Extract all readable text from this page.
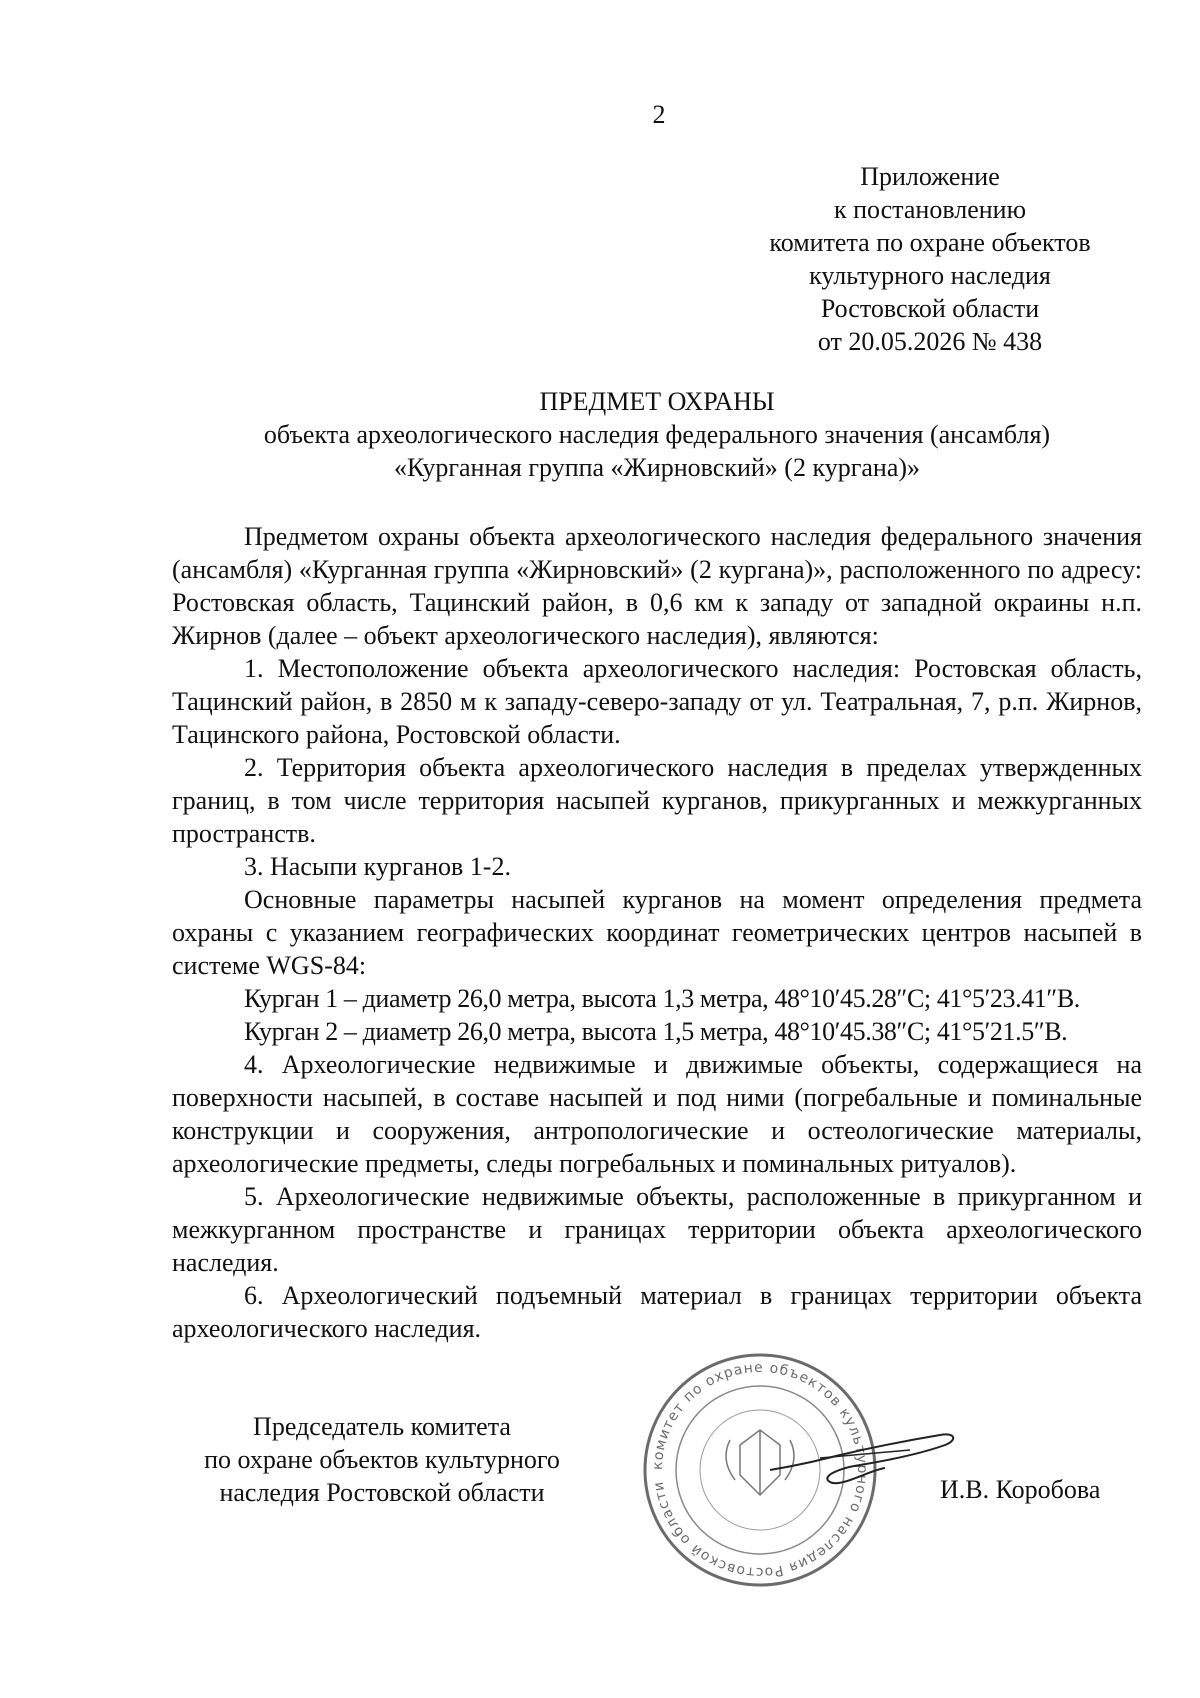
2
Приложение
к постановлению
комитета по охране объектов
культурного наследия
Ростовской области
от 20.05.2026 № 438
ПРЕДМЕТ ОХРАНЫ
объекта археологического наследия федерального значения (ансамбля)
«Курганная группа «Жирновский» (2 кургана)»

Предметом охраны объекта археологического наследия федерального значения (ансамбля) «Курганная группа «Жирновский» (2 кургана)», расположенного по адресу: Ростовская область, Тацинский район, в 0,6 км к западу от западной окраины н.п. Жирнов (далее – объект археологического наследия), являются:

1. Местоположение объекта археологического наследия: Ростовская область, Тацинский район, в 2850 м к западу-северо-западу от ул. Театральная, 7, р.п. Жирнов, Тацинского района, Ростовской области.

2. Территория объекта археологического наследия в пределах утвержденных границ, в том числе территория насыпей курганов, прикурганных и межкурганных пространств.

3. Насыпи курганов 1-2.

Основные параметры насыпей курганов на момент определения предмета охраны с указанием географических координат геометрических центров насыпей в системе WGS-84:

Курган 1 – диаметр 26,0 метра, высота 1,3 метра, 48°10′45.28″С; 41°5′23.41″В.

Курган 2 – диаметр 26,0 метра, высота 1,5 метра, 48°10′45.38″С; 41°5′21.5″В.

4. Археологические недвижимые и движимые объекты, содержащиеся на поверхности насыпей, в составе насыпей и под ними (погребальные и поминальные конструкции и сооружения, антропологические и остеологические материалы, археологические предметы, следы погребальных и поминальных ритуалов).

5. Археологические недвижимые объекты, расположенные в прикурганном и межкурганном пространстве и границах территории объекта археологического наследия.

6. Археологический подъемный материал в границах территории объекта археологического наследия.

Председатель комитета
по охране объектов культурного
наследия Ростовской области
комитет по охране объектов культурного наследия Ростовской области	И.В. Коробова
